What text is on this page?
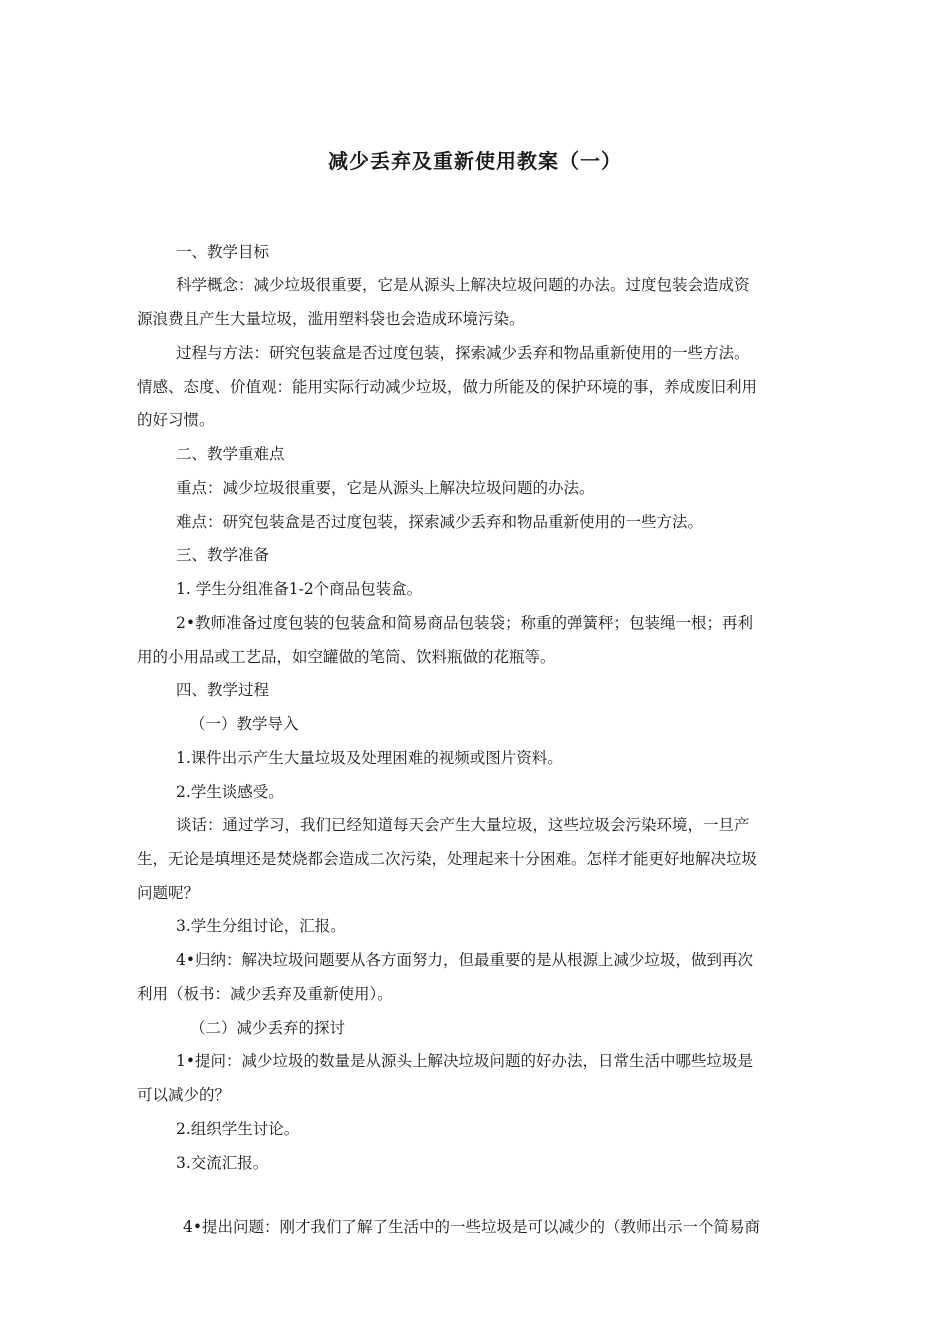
减少丢弃及重新使用教案（一）
一、教学目标
科学概念：减少垃圾很重要，它是从源头上解决垃圾问题的办法。过度包装会造成资
源浪费且产生大量垃圾，滥用塑料袋也会造成环境污染。
过程与方法：研究包装盒是否过度包装，探索减少丢弃和物品重新使用的一些方法。
情感、态度、价值观：能用实际行动减少垃圾，做力所能及的保护环境的事，养成废旧利用
的好习惯。
二、教学重难点
重点：减少垃圾很重要，它是从源头上解决垃圾问题的办法。
难点：研究包装盒是否过度包装，探索减少丢弃和物品重新使用的一些方法。
三、教学准备
1. 学生分组准备1-2个商品包装盒。
2•教师准备过度包装的包装盒和简易商品包装袋；称重的弹簧秤；包装绳一根；再利
用的小用品或工艺品，如空罐做的笔筒、饮料瓶做的花瓶等。
四、教学过程
（一）教学导入
1.课件出示产生大量垃圾及处理困难的视频或图片资料。
2.学生谈感受。
谈话：通过学习，我们已经知道每天会产生大量垃圾，这些垃圾会污染环境，一旦产
生，无论是填埋还是焚烧都会造成二次污染，处理起来十分困难。怎样才能更好地解决垃圾
问题呢？
3.学生分组讨论，汇报。
4•归纳：解决垃圾问题要从各方面努力，但最重要的是从根源上减少垃圾，做到再次
利用（板书：减少丢弃及重新使用）。
（二）减少丢弃的探讨
1•提问：减少垃圾的数量是从源头上解决垃圾问题的好办法，日常生活中哪些垃圾是
可以减少的？
2.组织学生讨论。
3.交流汇报。
4•提出问题：刚才我们了解了生活中的一些垃圾是可以减少的（教师出示一个简易商
